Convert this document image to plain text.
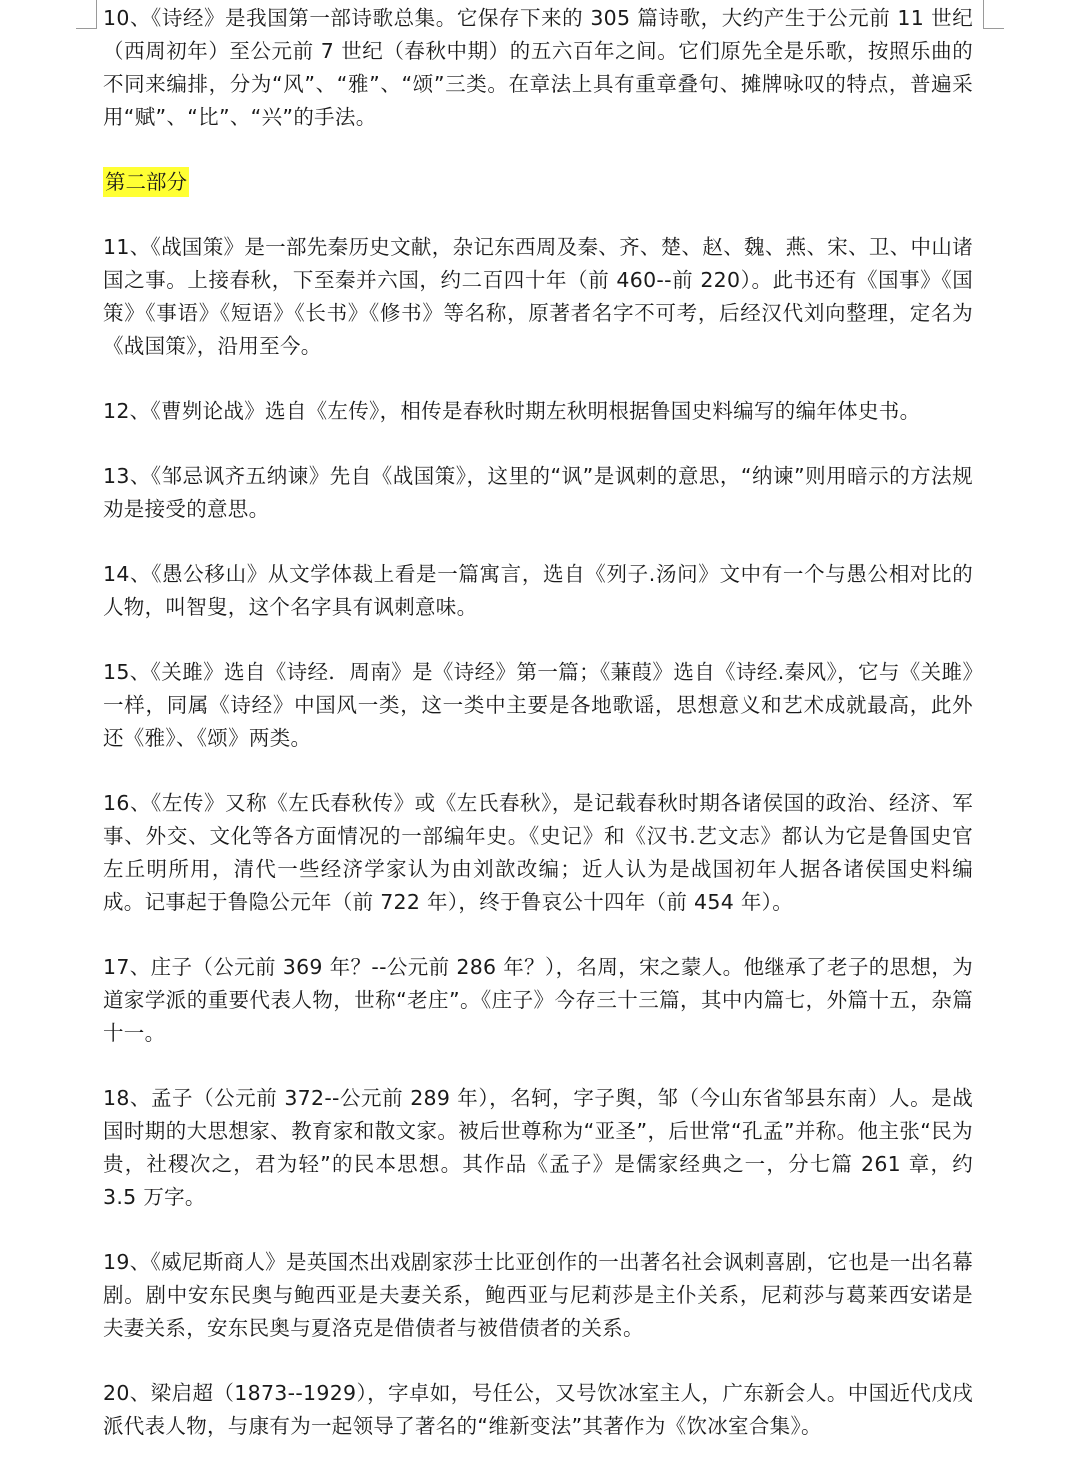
10、《诗经》是我国第一部诗歌总集。它保存下来的 305 篇诗歌，大约产生于公元前 11 世纪（西周初年）至公元前 7 世纪（春秋中期）的五六百年之间。它们原先全是乐歌，按照乐曲的不同来编排，分为“风”、“雅”、“颂”三类。在章法上具有重章叠句、摊牌咏叹的特点，普遍采用“赋”、“比”、“兴”的手法。

第二部分

11、《战国策》是一部先秦历史文献，杂记东西周及秦、齐、楚、赵、魏、燕、宋、卫、中山诸国之事。上接春秋，下至秦并六国，约二百四十年（前 460--前 220）。此书还有《国事》《国策》《事语》《短语》《长书》《修书》等名称，原著者名字不可考，后经汉代刘向整理，定名为《战国策》，沿用至今。

12、《曹刿论战》选自《左传》，相传是春秋时期左秋明根据鲁国史料编写的编年体史书。

13、《邹忌讽齐五纳谏》先自《战国策》，这里的“讽”是讽刺的意思，“纳谏”则用暗示的方法规劝是接受的意思。

14、《愚公移山》从文学体裁上看是一篇寓言，选自《列子.汤问》文中有一个与愚公相对比的人物，叫智叟，这个名字具有讽刺意味。

15、《关雎》选自《诗经．周南》是《诗经》第一篇；《蒹葭》选自《诗经.秦风》，它与《关雎》一样，同属《诗经》中国风一类，这一类中主要是各地歌谣，思想意义和艺术成就最高，此外还《雅》、《颂》两类。

16、《左传》又称《左氏春秋传》或《左氏春秋》，是记载春秋时期各诸侯国的政治、经济、军事、外交、文化等各方面情况的一部编年史。《史记》和《汉书.艺文志》都认为它是鲁国史官左丘明所用，清代一些经济学家认为由刘歆改编；近人认为是战国初年人据各诸侯国史料编成。记事起于鲁隐公元年（前 722 年），终于鲁哀公十四年（前 454 年）。

17、庄子（公元前 369 年？--公元前 286 年？），名周，宋之蒙人。他继承了老子的思想，为道家学派的重要代表人物，世称“老庄”。《庄子》今存三十三篇，其中内篇七，外篇十五，杂篇十一。

18、孟子（公元前 372--公元前 289 年），名轲，字子舆，邹（今山东省邹县东南）人。是战国时期的大思想家、教育家和散文家。被后世尊称为“亚圣”，后世常“孔孟”并称。他主张“民为贵，社稷次之，君为轻”的民本思想。其作品《孟子》是儒家经典之一，分七篇 261 章，约 3.5 万字。

19、《威尼斯商人》是英国杰出戏剧家莎士比亚创作的一出著名社会讽刺喜剧，它也是一出名幕剧。剧中安东民奥与鲍西亚是夫妻关系，鲍西亚与尼莉莎是主仆关系，尼莉莎与葛莱西安诺是夫妻关系，安东民奥与夏洛克是借债者与被借债者的关系。

20、梁启超（1873--1929），字卓如，号任公，又号饮冰室主人，广东新会人。中国近代戊戌派代表人物，与康有为一起领导了著名的“维新变法”其著作为《饮冰室合集》。
